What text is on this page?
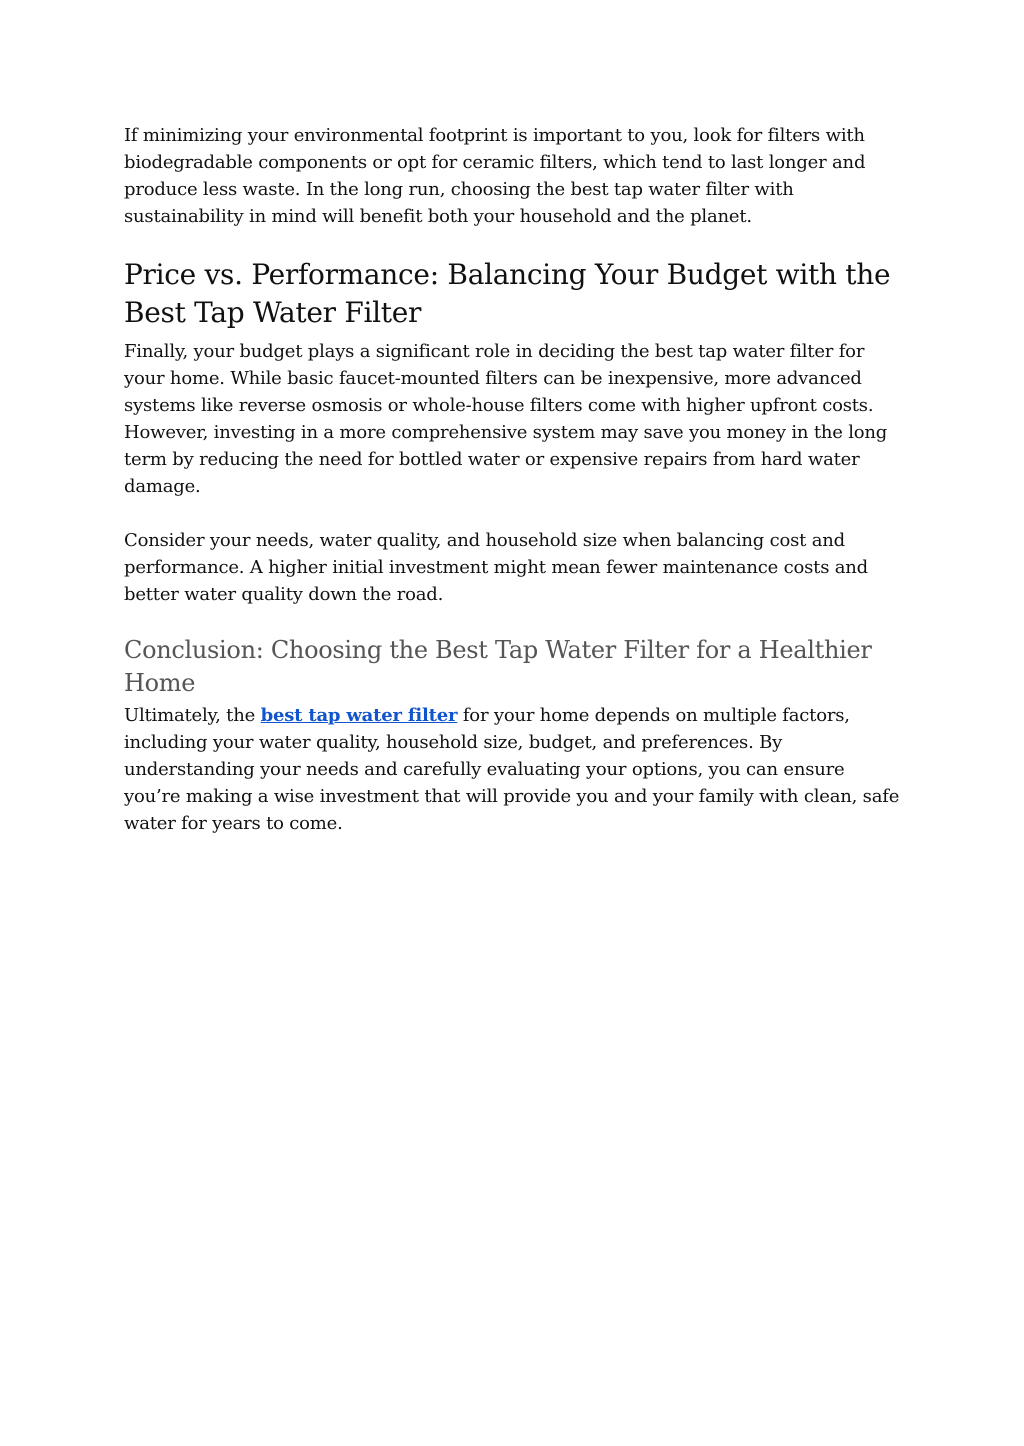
If minimizing your environmental footprint is important to you, look for filters with biodegradable components or opt for ceramic filters, which tend to last longer and produce less waste. In the long run, choosing the best tap water filter with sustainability in mind will benefit both your household and the planet.

Price vs. Performance: Balancing Your Budget with the Best Tap Water Filter

Finally, your budget plays a significant role in deciding the best tap water filter for your home. While basic faucet-mounted filters can be inexpensive, more advanced systems like reverse osmosis or whole-house filters come with higher upfront costs. However, investing in a more comprehensive system may save you money in the long term by reducing the need for bottled water or expensive repairs from hard water damage.

Consider your needs, water quality, and household size when balancing cost and performance. A higher initial investment might mean fewer maintenance costs and better water quality down the road.

Conclusion: Choosing the Best Tap Water Filter for a Healthier Home

Ultimately, the best tap water filter for your home depends on multiple factors, including your water quality, household size, budget, and preferences. By understanding your needs and carefully evaluating your options, you can ensure you’re making a wise investment that will provide you and your family with clean, safe water for years to come.
